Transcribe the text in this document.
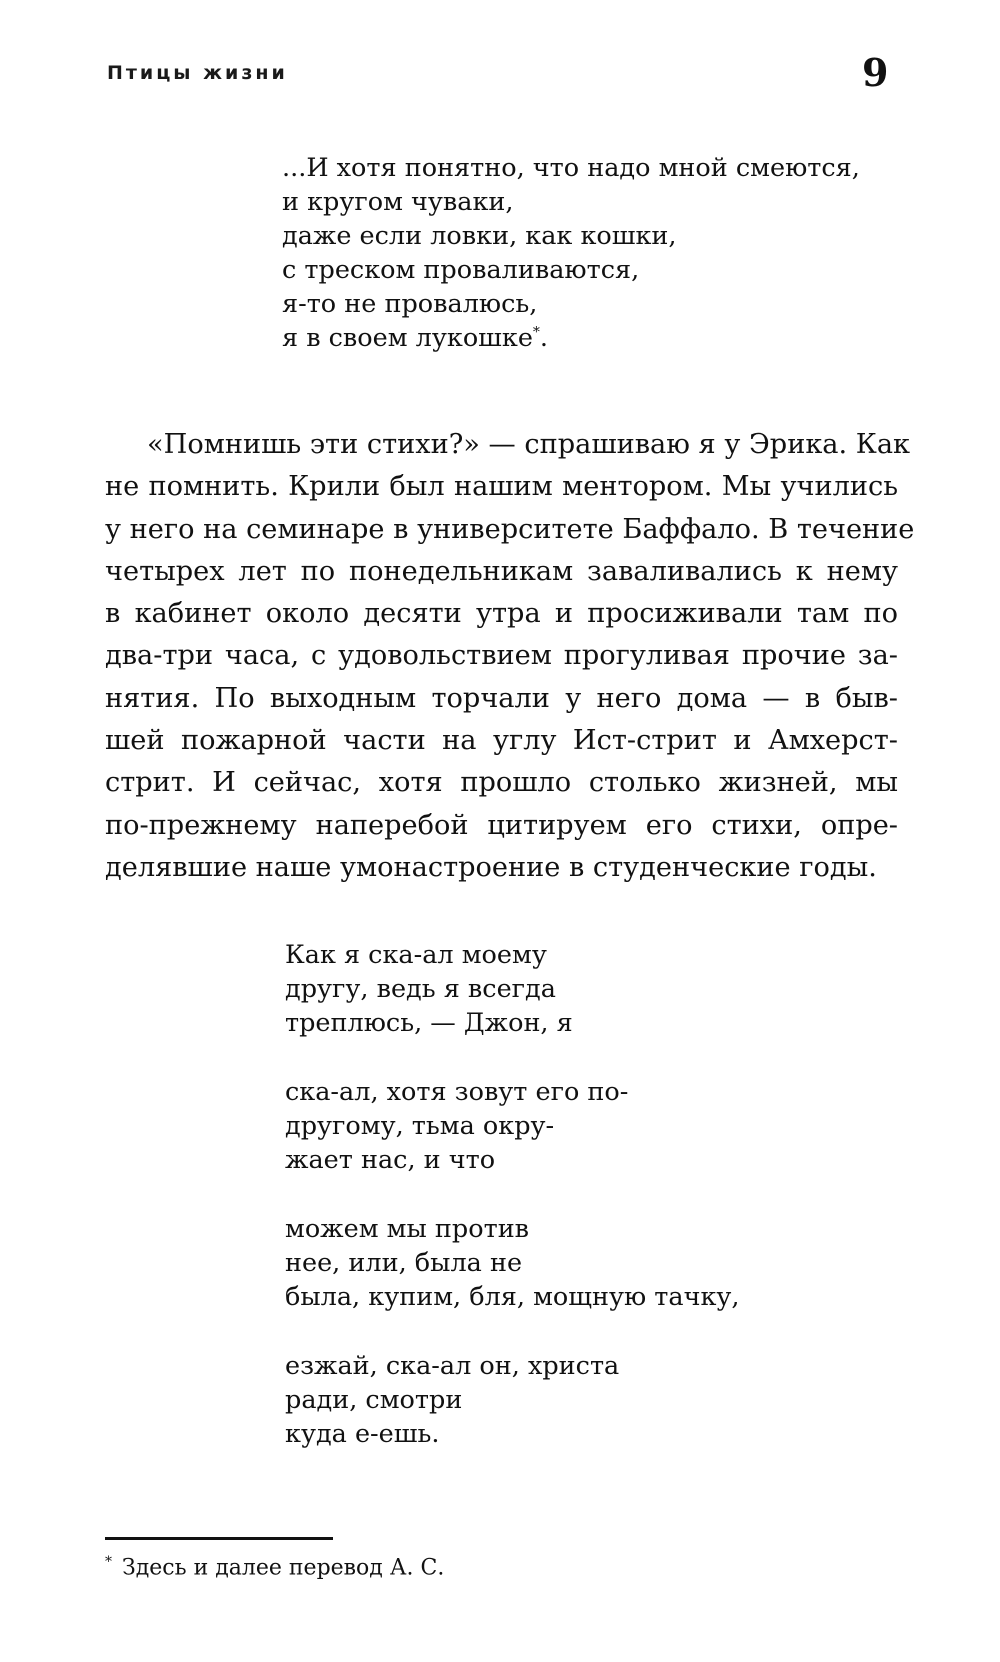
Птицы жизни	9
...И хотя понятно, что надо мной смеются,
и кругом чуваки,
даже если ловки, как кошки,
с треском проваливаются,
я-то не провалюсь,
я в своем лукошке*.
«Помнишь эти стихи?» — спрашиваю я у Эрика. Как
не помнить. Крили был нашим ментором. Мы учились
у него на семинаре в университете Баффало. В течение
четырех лет по понедельникам заваливались к нему
в кабинет около десяти утра и просиживали там по
два-три часа, с удовольствием прогуливая прочие за-
нятия. По выходным торчали у него дома — в быв-
шей пожарной части на углу Ист-стрит и Амхерст-
стрит. И сейчас, хотя прошло столько жизней, мы
по-прежнему наперебой цитируем его стихи, опре-
делявшие наше умонастроение в студенческие годы.
Как я ска-ал моему
другу, ведь я всегда
треплюсь, — Джон, я
ска-ал, хотя зовут его по-
другому, тьма окру-
жает нас, и что
можем мы против
нее, или, была не
была, купим, бля, мощную тачку,
езжай, ска-ал он, христа
ради, смотри
куда е-ешь.
* Здесь и далее перевод А. С.
